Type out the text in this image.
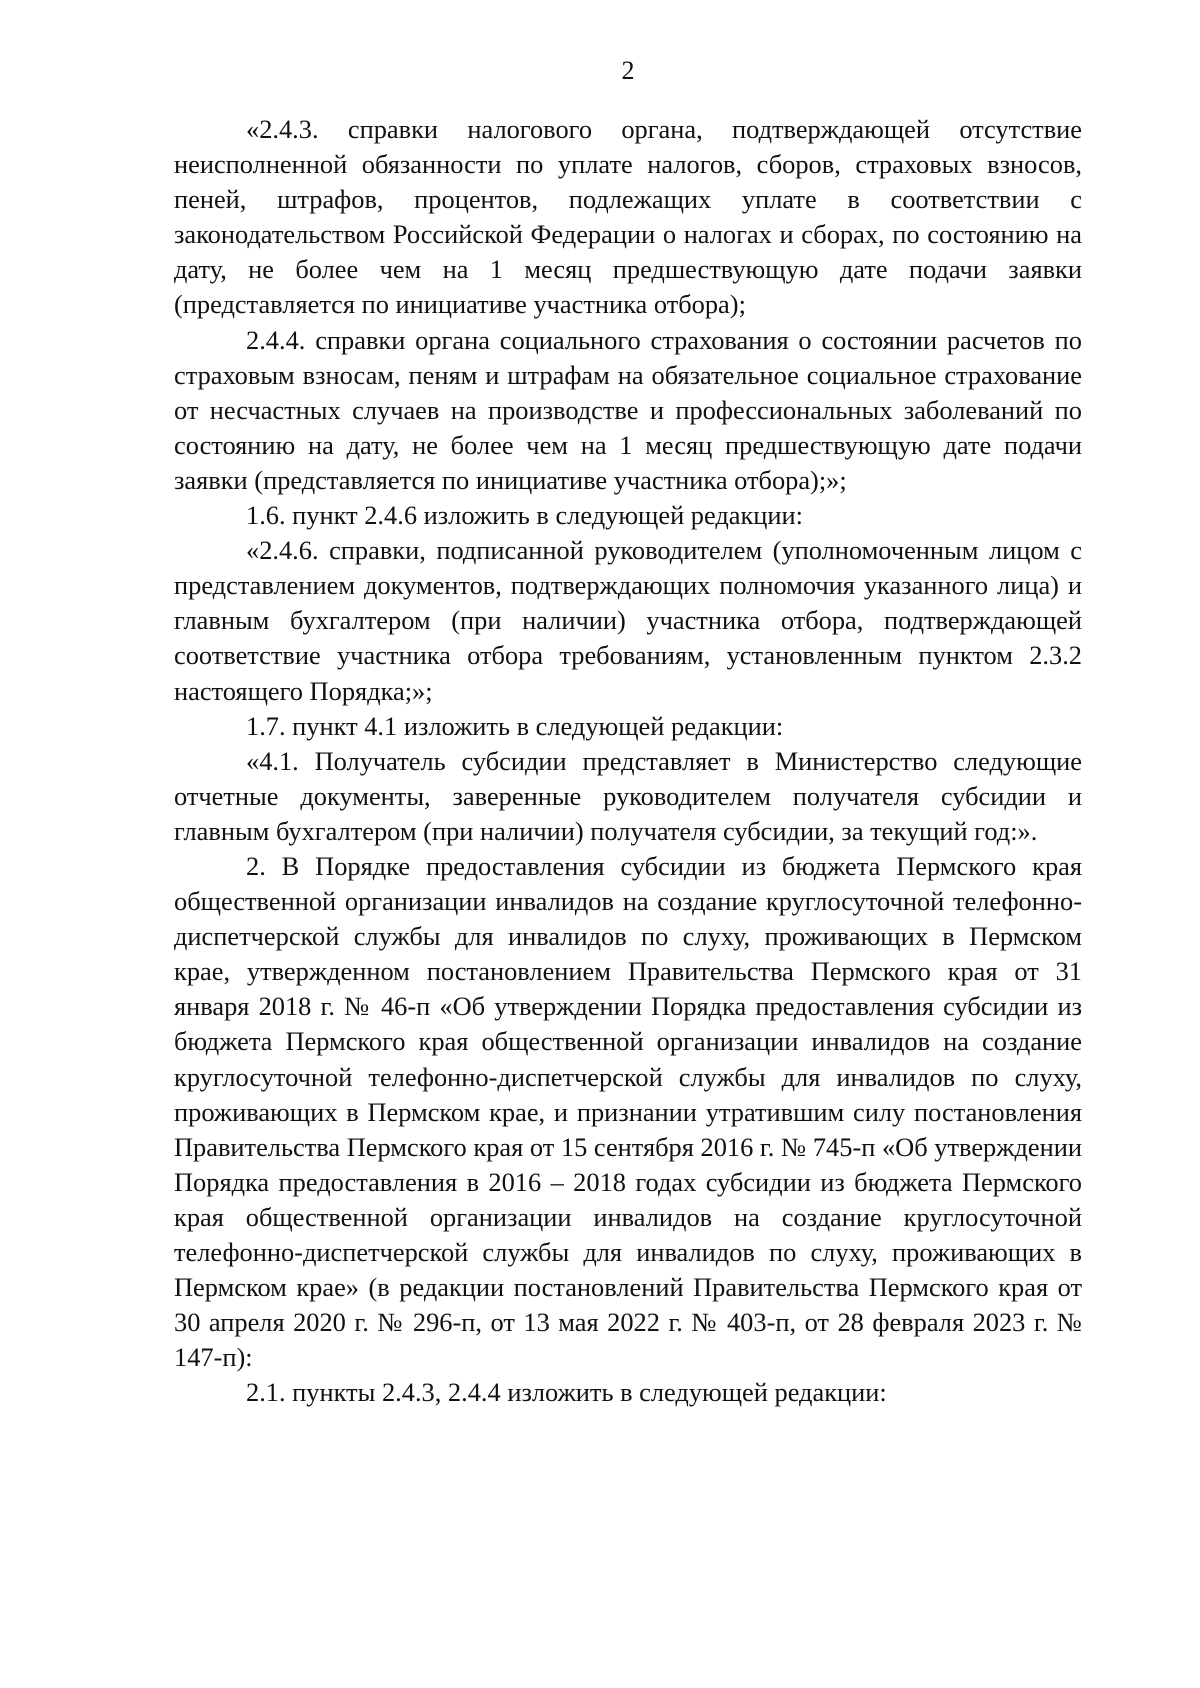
2

«2.4.3. справки налогового органа, подтверждающей отсутствие неисполненной обязанности по уплате налогов, сборов, страховых взносов, пеней, штрафов, процентов, подлежащих уплате в соответствии с законодательством Российской Федерации о налогах и сборах, по состоянию на дату, не более чем на 1 месяц предшествующую дате подачи заявки (представляется по инициативе участника отбора);

2.4.4. справки органа социального страхования о состоянии расчетов по страховым взносам, пеням и штрафам на обязательное социальное страхование от несчастных случаев на производстве и профессиональных заболеваний по состоянию на дату, не более чем на 1 месяц предшествующую дате подачи заявки (представляется по инициативе участника отбора);»;

1.6. пункт 2.4.6 изложить в следующей редакции:

«2.4.6. справки, подписанной руководителем (уполномоченным лицом с представлением документов, подтверждающих полномочия указанного лица) и главным бухгалтером (при наличии) участника отбора, подтверждающей соответствие участника отбора требованиям, установленным пунктом 2.3.2 настоящего Порядка;»;

1.7. пункт 4.1 изложить в следующей редакции:

«4.1. Получатель субсидии представляет в Министерство следующие отчетные документы, заверенные руководителем получателя субсидии и главным бухгалтером (при наличии) получателя субсидии, за текущий год:».

2. В Порядке предоставления субсидии из бюджета Пермского края общественной организации инвалидов на создание круглосуточной телефонно-диспетчерской службы для инвалидов по слуху, проживающих в Пермском крае, утвержденном постановлением Правительства Пермского края от 31 января 2018 г. № 46-п «Об утверждении Порядка предоставления субсидии из бюджета Пермского края общественной организации инвалидов на создание круглосуточной телефонно-диспетчерской службы для инвалидов по слуху, проживающих в Пермском крае, и признании утратившим силу постановления Правительства Пермского края от 15 сентября 2016 г. № 745-п «Об утверждении Порядка предоставления в 2016 – 2018 годах субсидии из бюджета Пермского края общественной организации инвалидов на создание круглосуточной телефонно-диспетчерской службы для инвалидов по слуху, проживающих в Пермском крае» (в редакции постановлений Правительства Пермского края от 30 апреля 2020 г. № 296-п, от 13 мая 2022 г. № 403-п, от 28 февраля 2023 г. № 147-п):

2.1. пункты 2.4.3, 2.4.4 изложить в следующей редакции:
